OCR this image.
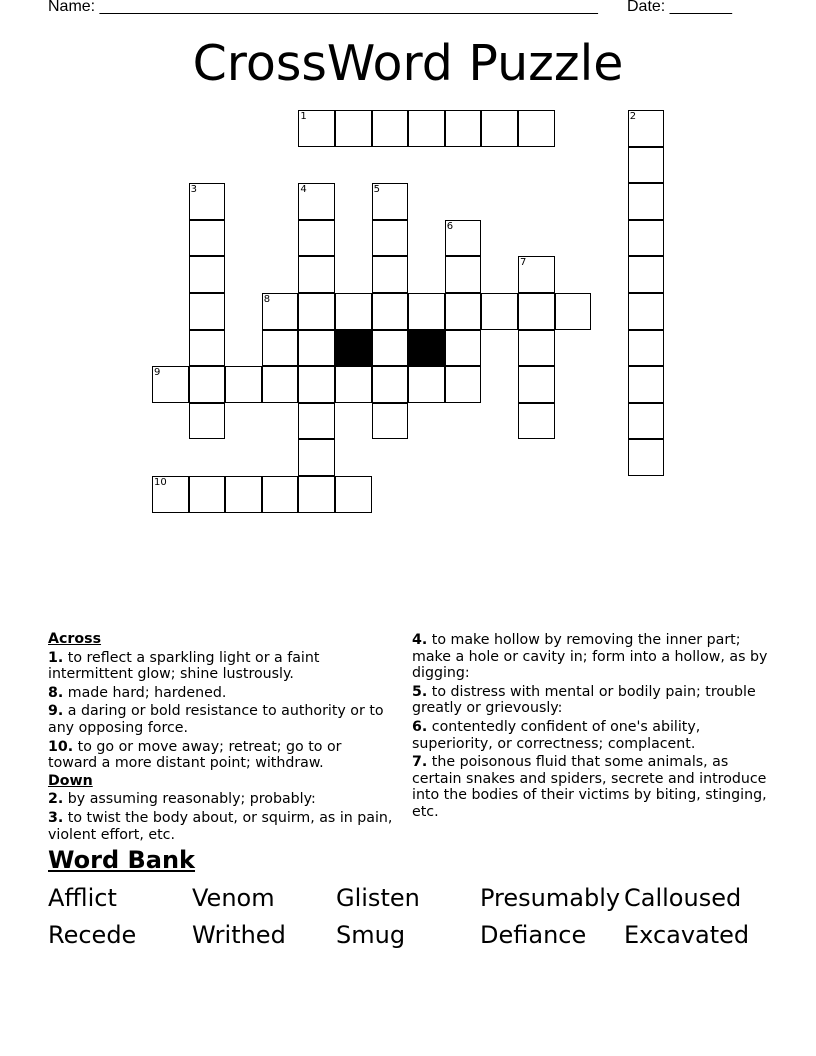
Name: ________________________________________________________ Date: _______
CrossWord Puzzle
1	2
3	4	5
6
7
8
9
10
Across
1. to reflect a sparkling light or a faint intermittent glow; shine lustrously.
8. made hard; hardened.
9. a daring or bold resistance to authority or to any opposing force.
10. to go or move away; retreat; go to or toward a more distant point; withdraw.
Down
2. by assuming reasonably; probably:
3. to twist the body about, or squirm, as in pain, violent effort, etc.
4. to make hollow by removing the inner part; make a hole or cavity in; form into a hollow, as by digging:
5. to distress with mental or bodily pain; trouble greatly or grievously:
6. contentedly confident of one's ability, superiority, or correctness; complacent.
7. the poisonous fluid that some animals, as certain snakes and spiders, secrete and introduce into the bodies of their victims by biting, stinging, etc.
Word Bank
Afflict	Venom	Glisten	Presumably Calloused
Recede Writhed Smug	Defiance Excavated
